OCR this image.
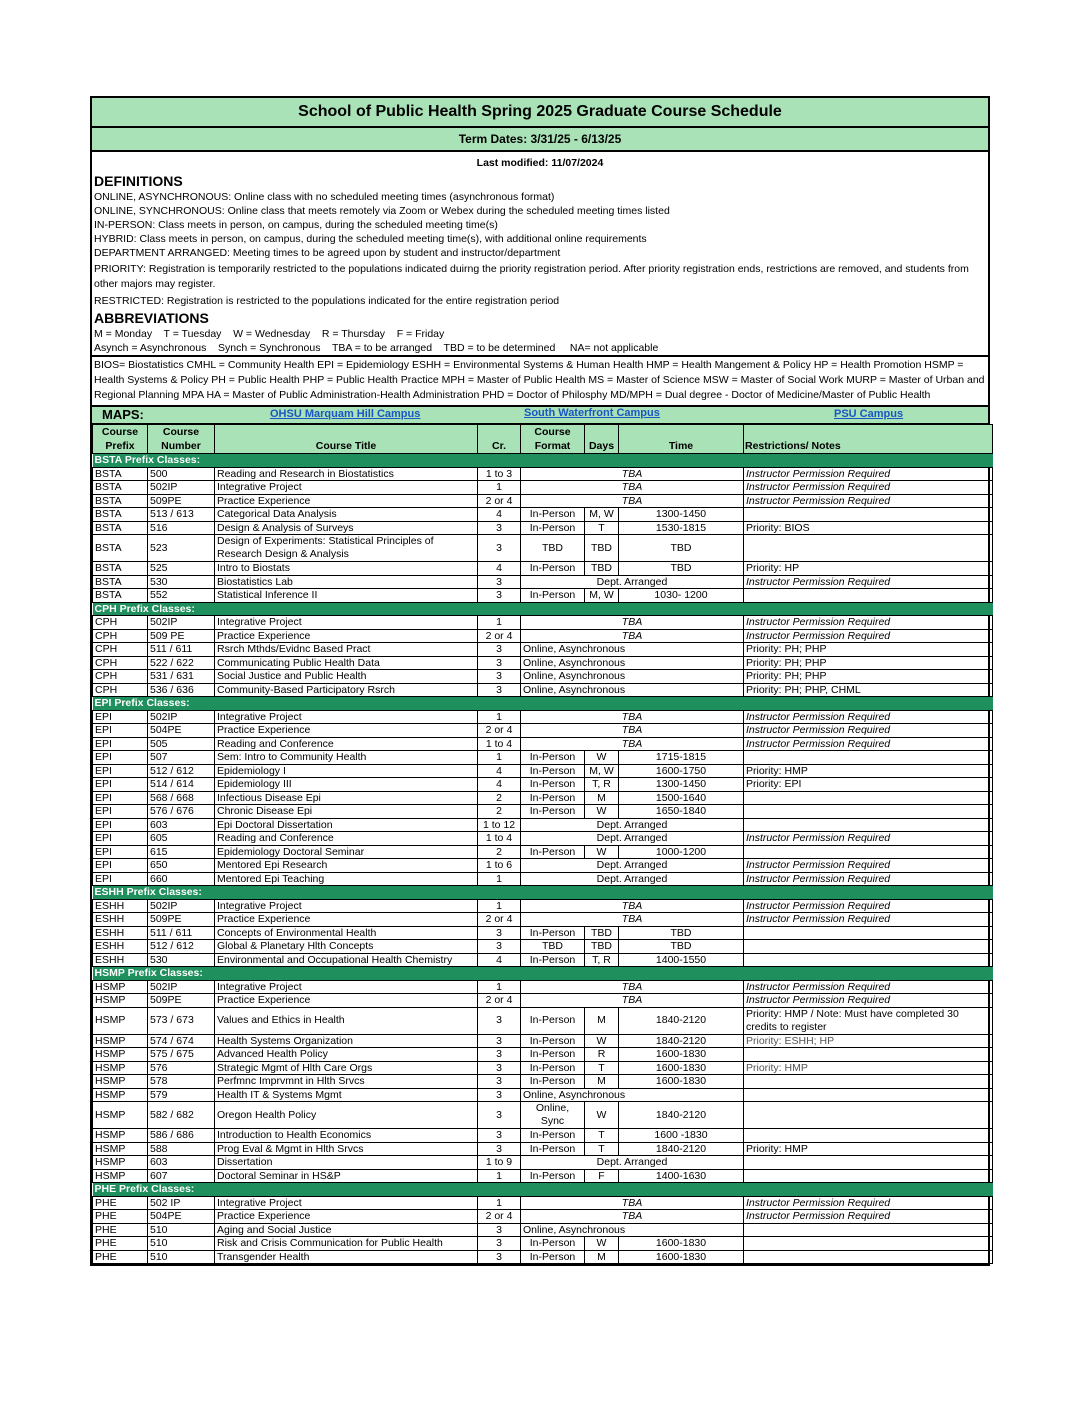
School of Public Health Spring 2025 Graduate Course Schedule
Term Dates: 3/31/25 - 6/13/25
Last modified: 11/07/2024
DEFINITIONS
ONLINE, ASYNCHRONOUS: Online class with no scheduled meeting times (asynchronous format)
ONLINE, SYNCHRONOUS: Online class that meets remotely via Zoom or Webex during the scheduled meeting times listed
IN-PERSON: Class meets in person, on campus, during the scheduled meeting time(s)
HYBRID: Class meets in person, on campus, during the scheduled meeting time(s), with additional online requirements
DEPARTMENT ARRANGED: Meeting times to be agreed upon by student and instructor/department
PRIORITY: Registration is temporarily restricted to the populations indicated duirng the priority registration period. After priority registration ends, restrictions are removed, and students from other majors may register.
RESTRICTED: Registration is restricted to the populations indicated for the entire registration period
ABBREVIATIONS
M = Monday    T = Tuesday    W = Wednesday    R = Thursday    F = Friday
Asynch = Asynchronous    Synch = Synchronous    TBA = to be arranged    TBD = to be determined     NA= not applicable
BIOS= Biostatistics CMHL = Community Health EPI = Epidemiology ESHH = Environmental Systems & Human Health HMP = Health Mangement & Policy HP = Health Promotion HSMP = Health Systems & Policy PH = Public Health PHP = Public Health Practice MPH = Master of Public Health MS = Master of Science MSW = Master of Social Work MURP = Master of Urban and Regional Planning MPA HA = Master of Public Administration-Health Administration PHD = Doctor of Philosphy MD/MPH = Dual degree - Doctor of Medicine/Master of Public Health
MAPS:	OHSU Marquam Hill Campus	South Waterfront Campus	PSU Campus
Course Prefix	Course Number	Course Title	Cr.	Course Format	Days	Time	Restrictions/ Notes
BSTA Prefix Classes:							
BSTA	500	Reading and Research in Biostatistics	1 to 3	TBA			Instructor Permission Required
BSTA	502IP	Integrative Project	1	TBA			Instructor Permission Required
BSTA	509PE	Practice Experience	2 or 4	TBA			Instructor Permission Required
BSTA	513 / 613	Categorical Data Analysis	4	In-Person	M, W	1300-1450	
BSTA	516	Design & Analysis of Surveys	3	In-Person	T	1530-1815	Priority: BIOS
BSTA	523	Design of Experiments: Statistical Principles of Research Design & Analysis	3	TBD	TBD	TBD	
BSTA	525	Intro to Biostats	4	In-Person	TBD	TBD	Priority: HP
BSTA	530	Biostatistics Lab	3	Dept. Arranged			Instructor Permission Required
BSTA	552	Statistical Inference II	3	In-Person	M, W	1030- 1200	
CPH Prefix Classes:							
CPH	502IP	Integrative Project	1	TBA			Instructor Permission Required
CPH	509 PE	Practice Experience	2 or 4	TBA			Instructor Permission Required
CPH	511 / 611	Rsrch Mthds/Evidnc Based Pract	3	Online, Asynchronous			Priority: PH; PHP
CPH	522 / 622	Communicating Public Health Data	3	Online, Asynchronous			Priority: PH; PHP
CPH	531 / 631	Social Justice and Public Health	3	Online, Asynchronous			Priority: PH; PHP
CPH	536 / 636	Community-Based Participatory Rsrch	3	Online, Asynchronous			Priority: PH; PHP, CHML
EPI Prefix Classes:							
EPI	502IP	Integrative Project	1	TBA			Instructor Permission Required
EPI	504PE	Practice Experience	2 or 4	TBA			Instructor Permission Required
EPI	505	Reading and Conference	1 to 4	TBA			Instructor Permission Required
EPI	507	Sem: Intro to Community Health	1	In-Person	W	1715-1815	
EPI	512 / 612	Epidemiology I	4	In-Person	M, W	1600-1750	Priority: HMP
EPI	514 / 614	Epidemiology III	4	In-Person	T, R	1300-1450	Priority: EPI
EPI	568 / 668	Infectious Disease Epi	2	In-Person	M	1500-1640	
EPI	576 / 676	Chronic Disease Epi	2	In-Person	W	1650-1840	
EPI	603	Epi Doctoral Dissertation	1 to 12	Dept. Arranged			
EPI	605	Reading and Conference	1 to 4	Dept. Arranged			Instructor Permission Required
EPI	615	Epidemiology Doctoral Seminar	2	In-Person	W	1000-1200	
EPI	650	Mentored Epi Research	1 to 6	Dept. Arranged			Instructor Permission Required
EPI	660	Mentored Epi Teaching	1	Dept. Arranged			Instructor Permission Required
ESHH Prefix Classes:							
ESHH	502IP	Integrative Project	1	TBA			Instructor Permission Required
ESHH	509PE	Practice Experience	2 or 4	TBA			Instructor Permission Required
ESHH	511 / 611	Concepts of Environmental Health	3	In-Person	TBD	TBD	
ESHH	512 / 612	Global & Planetary Hlth Concepts	3	TBD	TBD	TBD	
ESHH	530	Environmental and Occupational Health Chemistry	4	In-Person	T, R	1400-1550	
HSMP Prefix Classes:							
HSMP	502IP	Integrative Project	1	TBA			Instructor Permission Required
HSMP	509PE	Practice Experience	2 or 4	TBA			Instructor Permission Required
HSMP	573 / 673	Values and Ethics in Health	3	In-Person	M	1840-2120	Priority: HMP / Note: Must have completed 30 credits to register
HSMP	574 / 674	Health Systems Organization	3	In-Person	W	1840-2120	Priority: ESHH; HP
HSMP	575 / 675	Advanced Health Policy	3	In-Person	R	1600-1830	
HSMP	576	Strategic Mgmt of Hlth Care Orgs	3	In-Person	T	1600-1830	Priority: HMP
HSMP	578	Perfmnc Imprvmnt in Hlth Srvcs	3	In-Person	M	1600-1830	
HSMP	579	Health IT & Systems Mgmt	3	Online, Asynchronous			
HSMP	582 / 682	Oregon Health Policy	3	Online, Sync	W	1840-2120	
HSMP	586 / 686	Introduction to Health Economics	3	In-Person	T	1600 -1830	
HSMP	588	Prog Eval & Mgmt in Hlth Srvcs	3	In-Person	T	1840-2120	Priority: HMP
HSMP	603	Dissertation	1 to 9	Dept. Arranged			
HSMP	607	Doctoral Seminar in HS&P	1	In-Person	F	1400-1630	
PHE Prefix Classes:							
PHE	502 IP	Integrative Project	1	TBA			Instructor Permission Required
PHE	504PE	Practice Experience	2 or 4	TBA			Instructor Permission Required
PHE	510	Aging and Social Justice	3	Online, Asynchronous			
PHE	510	Risk and Crisis Communication for Public Health	3	In-Person	W	1600-1830	
PHE	510	Transgender Health	3	In-Person	M	1600-1830	
